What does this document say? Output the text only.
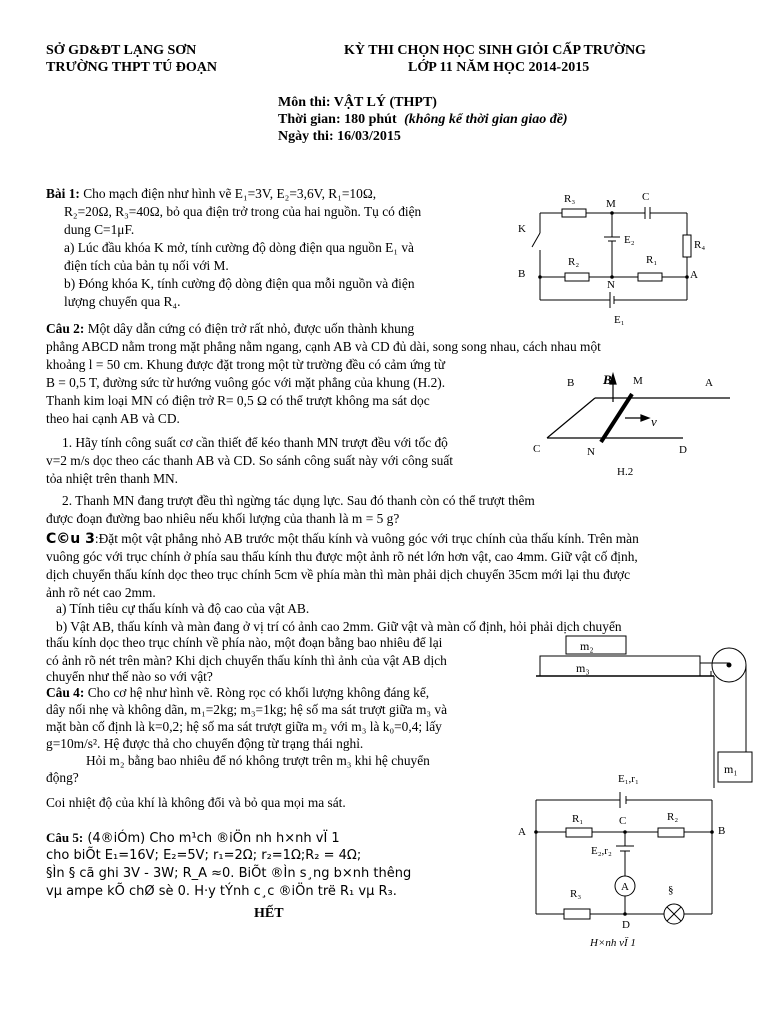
SỞ GD&ĐT LẠNG SƠN
TRƯỜNG THPT TÚ ĐOẠN
KỲ THI CHỌN HỌC SINH GIỎI CẤP TRƯỜNG
LỚP 11 NĂM HỌC 2014-2015
Môn thi: VẬT LÝ (THPT)
Thời gian: 180 phút (không kể thời gian giao đề)
Ngày thi: 16/03/2015
Bài 1: Cho mạch điện như hình vẽ E₁=3V, E₂=3,6V, R₁=10Ω,
R₂=20Ω, R₃=40Ω, bỏ qua điện trở trong của hai nguồn. Tụ có điện
dung C=1μF.
a) Lúc đầu khóa K mở, tính cường độ dòng điện qua nguồn E₁ và
điện tích của bản tụ nối với M.
b) Đóng khóa K, tính cường độ dòng điện qua mỗi nguồn và điện
lượng chuyển qua R₄.
R₃	M
C
K
E₂	R₄
B
R₂	R₁
A
N
E₁
Câu 2: Một dây dẫn cứng có điện trở rất nhỏ, được uốn thành khung
phẳng ABCD nằm trong mặt phẳng nằm ngang, cạnh AB và CD đủ dài, song song nhau, cách nhau một
khoảng l = 50 cm. Khung được đặt trong một từ trường đều có cảm ứng từ
B = 0,5 T, đường sức từ hướng vuông góc với mặt phẳng của khung (H.2).
Thanh kim loại MN có điện trở R= 0,5 Ω có thể trượt không ma sát dọc
theo hai cạnh AB và CD.
1. Hãy tính công suất cơ cần thiết để kéo thanh MN trượt đều với tốc độ
v=2 m/s dọc theo các thanh AB và CD. So sánh công suất này với công suất
tỏa nhiệt trên thanh MN.
2. Thanh MN đang trượt đều thì ngừng tác dụng lực. Sau đó thanh còn có thể trượt thêm
được đoạn đường bao nhiêu nếu khối lượng của thanh là m = 5 g?
B B M	A
v
C	N	D
H.2
C©u 3:Đặt một vật phẳng nhỏ AB trước một thấu kính và vuông góc với trục chính của thấu kính. Trên màn
vuông góc với trục chính ở phía sau thấu kính thu được một ảnh rõ nét lớn hơn vật, cao 4mm. Giữ vật cố định,
dịch chuyển thấu kính dọc theo trục chính 5cm về phía màn thì màn phải dịch chuyển 35cm mới lại thu được
ảnh rõ nét cao 2mm.
a) Tính tiêu cự thấu kính và độ cao của vật AB.
b) Vật AB, thấu kính và màn đang ở vị trí có ảnh cao 2mm. Giữ vật và màn cố định, hỏi phải dịch chuyển
thấu kính dọc theo trục chính về phía nào, một đoạn bằng bao nhiêu để lại
có ảnh rõ nét trên màn? Khi dịch chuyển thấu kính thì ảnh của vật AB dịch
chuyển như thế nào so với vật?
m₂
m₃
m₁
Câu 4: Cho cơ hệ như hình vẽ. Ròng rọc có khối lượng không đáng kể,
dây nối nhẹ và không dãn, m₁=2kg; m₃=1kg; hệ số ma sát trượt giữa m₃ và
mặt bàn cố định là k=0,2; hệ số ma sát trượt giữa m₂ với m₃ là k₀=0,4; lấy
g=10m/s². Hệ được thả cho chuyển động từ trạng thái nghỉ.
Hỏi m₂ bằng bao nhiêu để nó không trượt trên m₃ khi hệ chuyển
động?
Coi nhiệt độ của khí là không đổi và bỏ qua mọi ma sát.
Câu 5: (4®iÓm) Cho m¹ch ®iÖn nh h×nh vÏ 1
cho biÕt E₁=16V; E₂=5V; r₁=2Ω; r₂=1Ω;R₂ = 4Ω;
§Ìn § cã ghi 3V - 3W; R_A ≈0. BiÕt ®Ìn s¸ng b×nh thêng
vµ ampe kÕ chØ sè 0. H·y tÝnh c¸c ®iÖn trë R₁ vµ R₃.
HẾT
E₁,r₁
A
R₁	C	R₂
B
E₂,r₂
A
R₃	§
D
H×nh vÏ 1
